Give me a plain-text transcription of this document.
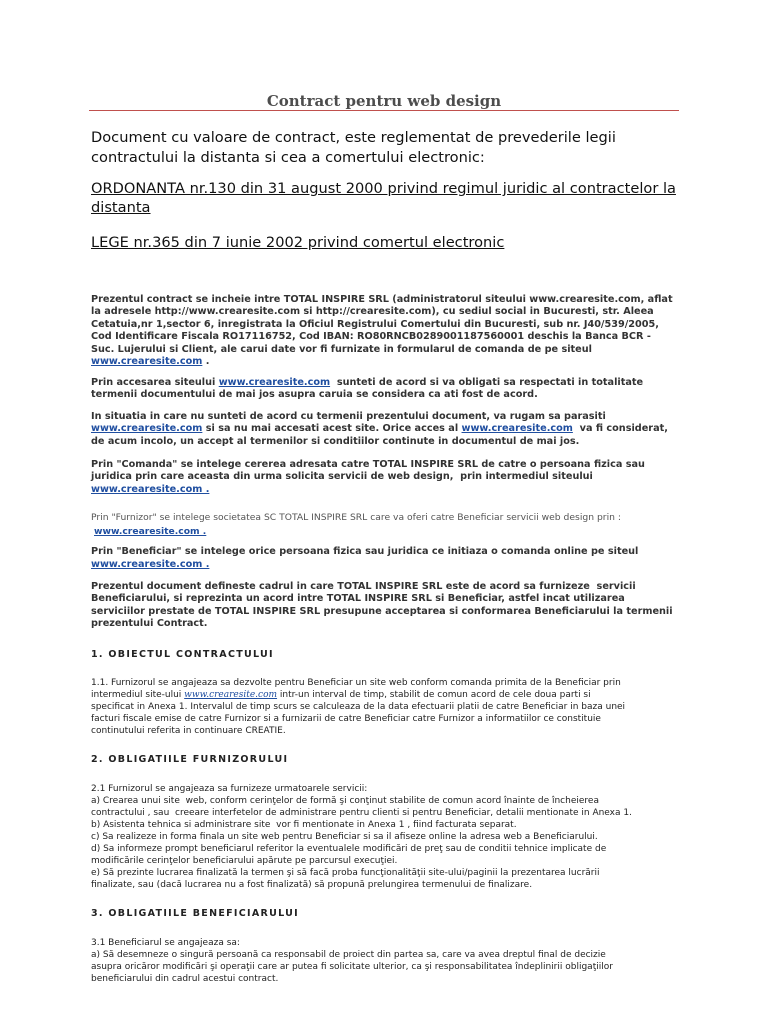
Contract pentru web design
Document cu valoare de contract, este reglementat de prevederile legii
contractului la distanta si cea a comertului electronic:
ORDONANTA nr.130 din 31 august 2000 privind regimul juridic al contractelor la
distanta
LEGE nr.365 din 7 iunie 2002 privind comertul electronic
Prezentul contract se incheie intre TOTAL INSPIRE SRL (administratorul siteului www.crearesite.com, aflat
la adresele http://www.crearesite.com si http://crearesite.com), cu sediul social in Bucuresti, str. Aleea
Cetatuia,nr 1,sector 6, inregistrata la Oficiul Registrului Comertului din Bucuresti, sub nr. J40/539/2005,
Cod Identificare Fiscala RO17116752, Cod IBAN: RO80RNCB0289001187560001 deschis la Banca BCR -
Suc. Lujerului si Client, ale carui date vor fi furnizate in formularul de comanda de pe siteul
www.crearesite.com .
Prin accesarea siteului www.crearesite.com  sunteti de acord si va obligati sa respectati in totalitate
termenii documentului de mai jos asupra caruia se considera ca ati fost de acord.
In situatia in care nu sunteti de acord cu termenii prezentului document, va rugam sa parasiti
www.crearesite.com si sa nu mai accesati acest site. Orice acces al www.crearesite.com  va fi considerat,
de acum incolo, un accept al termenilor si conditiilor continute in documentul de mai jos.
Prin "Comanda" se intelege cererea adresata catre TOTAL INSPIRE SRL de catre o persoana fizica sau
juridica prin care aceasta din urma solicita servicii de web design,  prin intermediul siteului
www.crearesite.com .
Prin "Furnizor" se intelege societatea SC TOTAL INSPIRE SRL care va oferi catre Beneficiar servicii web design prin :
www.crearesite.com .
Prin "Beneficiar" se intelege orice persoana fizica sau juridica ce initiaza o comanda online pe siteul
www.crearesite.com .
Prezentul document defineste cadrul in care TOTAL INSPIRE SRL este de acord sa furnizeze  servicii
Beneficiarului, si reprezinta un acord intre TOTAL INSPIRE SRL si Beneficiar, astfel incat utilizarea
serviciilor prestate de TOTAL INSPIRE SRL presupune acceptarea si conformarea Beneficiarului la termenii
prezentului Contract.
1. OBIECTUL CONTRACTULUI
1.1. Furnizorul se angajeaza sa dezvolte pentru Beneficiar un site web conform comanda primita de la Beneficiar prin
intermediul site-ului www.crearesite.com intr-un interval de timp, stabilit de comun acord de cele doua parti si
specificat in Anexa 1. Intervalul de timp scurs se calculeaza de la data efectuarii platii de catre Beneficiar in baza unei
facturi fiscale emise de catre Furnizor si a furnizarii de catre Beneficiar catre Furnizor a informatiilor ce constituie
continutului referita in continuare CREATIE.
2. OBLIGATIILE FURNIZORULUI
2.1 Furnizorul se angajeaza sa furnizeze urmatoarele servicii:
a) Crearea unui site  web, conform cerinţelor de formă şi conţinut stabilite de comun acord înainte de încheierea
contractului , sau  creeare interfetelor de administrare pentru clienti si pentru Beneficiar, detalii mentionate in Anexa 1.
b) Asistenta tehnica si administrare site  vor fi mentionate in Anexa 1 , fiind facturata separat.
c) Sa realizeze in forma finala un site web pentru Beneficiar si sa il afiseze online la adresa web a Beneficiarului.
d) Sa informeze prompt beneficiarul referitor la eventualele modificări de preţ sau de conditii tehnice implicate de
modificările cerinţelor beneficiarului apărute pe parcursul execuţiei.
e) Să prezinte lucrarea finalizată la termen şi să facă proba funcţionalităţii site-ului/paginii la prezentarea lucrării
finalizate, sau (dacă lucrarea nu a fost finalizată) să propună prelungirea termenului de finalizare.
3. OBLIGATIILE BENEFICIARULUI
3.1 Beneficiarul se angajeaza sa:
a) Să desemneze o singură persoană ca responsabil de proiect din partea sa, care va avea dreptul final de decizie
asupra oricăror modificări şi operaţii care ar putea fi solicitate ulterior, ca şi responsabilitatea îndeplinirii obligaţiilor
beneficiarului din cadrul acestui contract.
